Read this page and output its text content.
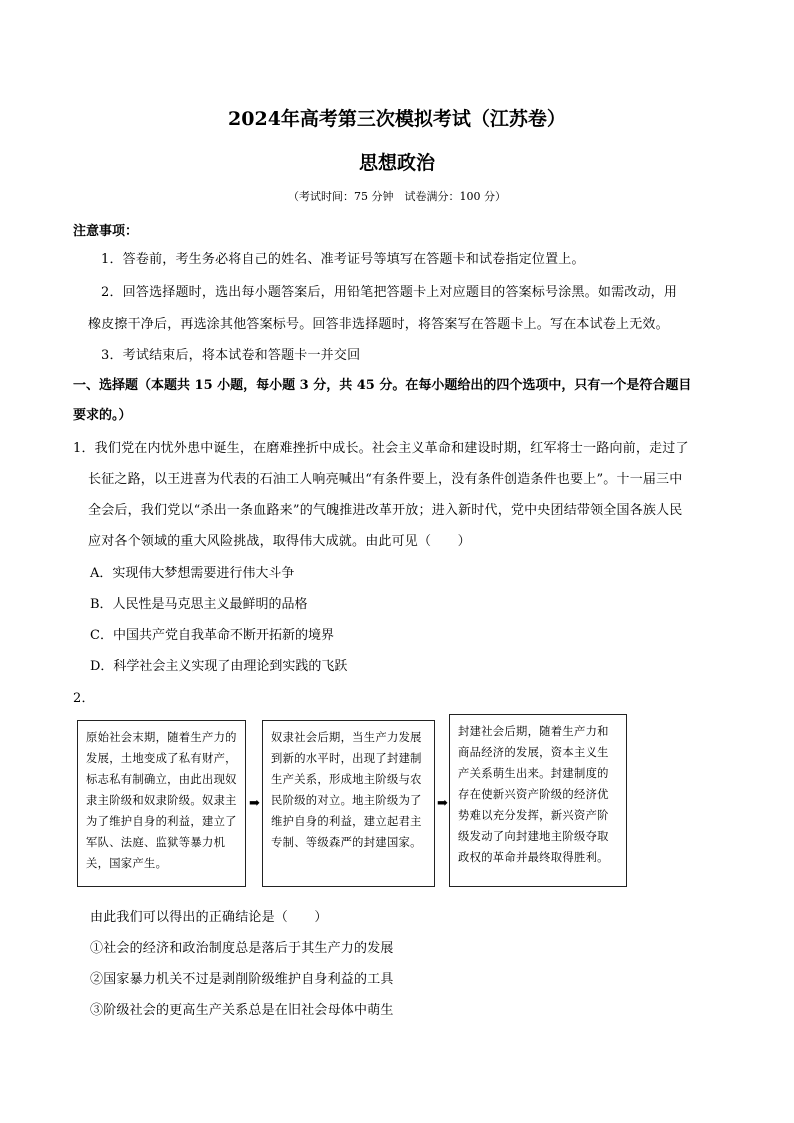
2024年高考第三次模拟考试（江苏卷）
思想政治
（考试时间：75 分钟　试卷满分：100 分）
注意事项：
1．答卷前，考生务必将自己的姓名、准考证号等填写在答题卡和试卷指定位置上。
2．回答选择题时，选出每小题答案后，用铅笔把答题卡上对应题目的答案标号涂黑。如需改动，用
橡皮擦干净后，再选涂其他答案标号。回答非选择题时，将答案写在答题卡上。写在本试卷上无效。
3．考试结束后，将本试卷和答题卡一并交回
一、选择题（本题共 15 小题，每小题 3 分，共 45 分。在每小题给出的四个选项中，只有一个是符合题目
要求的。）
1．我们党在内忧外患中诞生，在磨难挫折中成长。社会主义革命和建设时期，红军将士一路向前，走过了
长征之路，以王进喜为代表的石油工人响亮喊出“有条件要上，没有条件创造条件也要上”。十一届三中
全会后，我们党以“杀出一条血路来”的气魄推进改革开放；进入新时代，党中央团结带领全国各族人民
应对各个领域的重大风险挑战，取得伟大成就。由此可见（　　）
A．实现伟大梦想需要进行伟大斗争
B．人民性是马克思主义最鲜明的品格
C．中国共产党自我革命不断开拓新的境界
D．科学社会主义实现了由理论到实践的飞跃
2．
原始社会末期，随着生产力的发展，土地变成了私有财产，标志私有制确立，由此出现奴隶主阶级和奴隶阶级。奴隶主为了维护自身的利益，建立了军队、法庭、监狱等暴力机关，国家产生。
➡
奴隶社会后期，当生产力发展到新的水平时，出现了封建制生产关系，形成地主阶级与农民阶级的对立。地主阶级为了维护自身的利益，建立起君主专制、等级森严的封建国家。
➡
封建社会后期，随着生产力和商品经济的发展，资本主义生产关系萌生出来。封建制度的存在使新兴资产阶级的经济优势难以充分发挥，新兴资产阶级发动了向封建地主阶级夺取政权的革命并最终取得胜利。
由此我们可以得出的正确结论是（　　）
①社会的经济和政治制度总是落后于其生产力的发展
②国家暴力机关不过是剥削阶级维护自身利益的工具
③阶级社会的更高生产关系总是在旧社会母体中萌生
